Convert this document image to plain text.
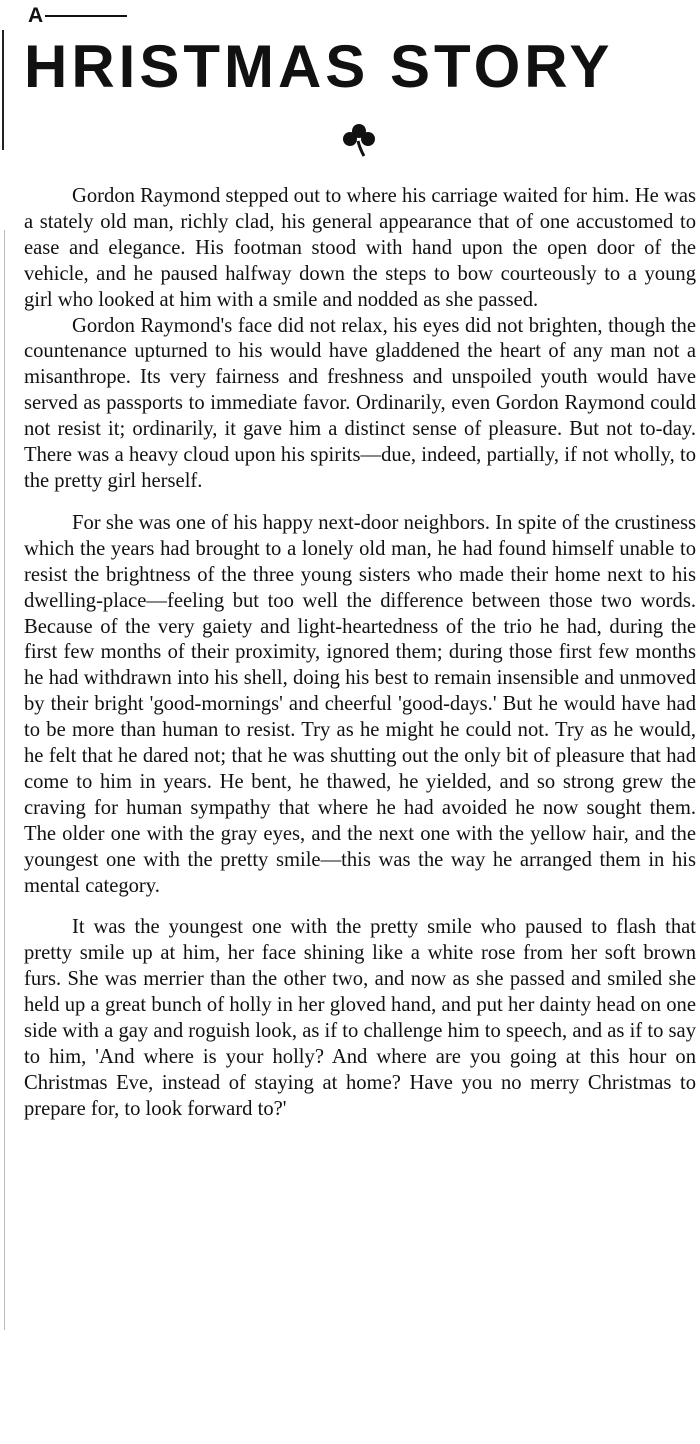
A
HRISTMAS STORY

Gordon Raymond stepped out to where his carriage waited for him. He was a stately old man, richly clad, his general appearance that of one accustomed to ease and elegance. His footman stood with hand upon the open door of the vehicle, and he paused halfway down the steps to bow courteously to a young girl who looked at him with a smile and nodded as she passed.

Gordon Raymond's face did not relax, his eyes did not brighten, though the countenance upturned to his would have gladdened the heart of any man not a misanthrope. Its very fairness and freshness and unspoiled youth would have served as passports to immediate favor. Ordinarily, even Gordon Raymond could not resist it; ordinarily, it gave him a distinct sense of pleasure. But not to-day. There was a heavy cloud upon his spirits—due, indeed, partially, if not wholly, to the pretty girl herself.

For she was one of his happy next-door neighbors. In spite of the crustiness which the years had brought to a lonely old man, he had found himself unable to resist the brightness of the three young sisters who made their home next to his dwelling-place—feeling but too well the difference between those two words. Because of the very gaiety and light-heartedness of the trio he had, during the first few months of their proximity, ignored them; during those first few months he had withdrawn into his shell, doing his best to remain insensible and unmoved by their bright 'good-mornings' and cheerful 'good-days.' But he would have had to be more than human to resist. Try as he might he could not. Try as he would, he felt that he dared not; that he was shutting out the only bit of pleasure that had come to him in years. He bent, he thawed, he yielded, and so strong grew the craving for human sympathy that where he had avoided he now sought them. The older one with the gray eyes, and the next one with the yellow hair, and the youngest one with the pretty smile—this was the way he arranged them in his mental category.

It was the youngest one with the pretty smile who paused to flash that pretty smile up at him, her face shining like a white rose from her soft brown furs. She was merrier than the other two, and now as she passed and smiled she held up a great bunch of holly in her gloved hand, and put her dainty head on one side with a gay and roguish look, as if to challenge him to speech, and as if to say to him, 'And where is your holly? And where are you going at this hour on Christmas Eve, instead of staying at home? Have you no merry Christmas to prepare for, to look forward to?'
